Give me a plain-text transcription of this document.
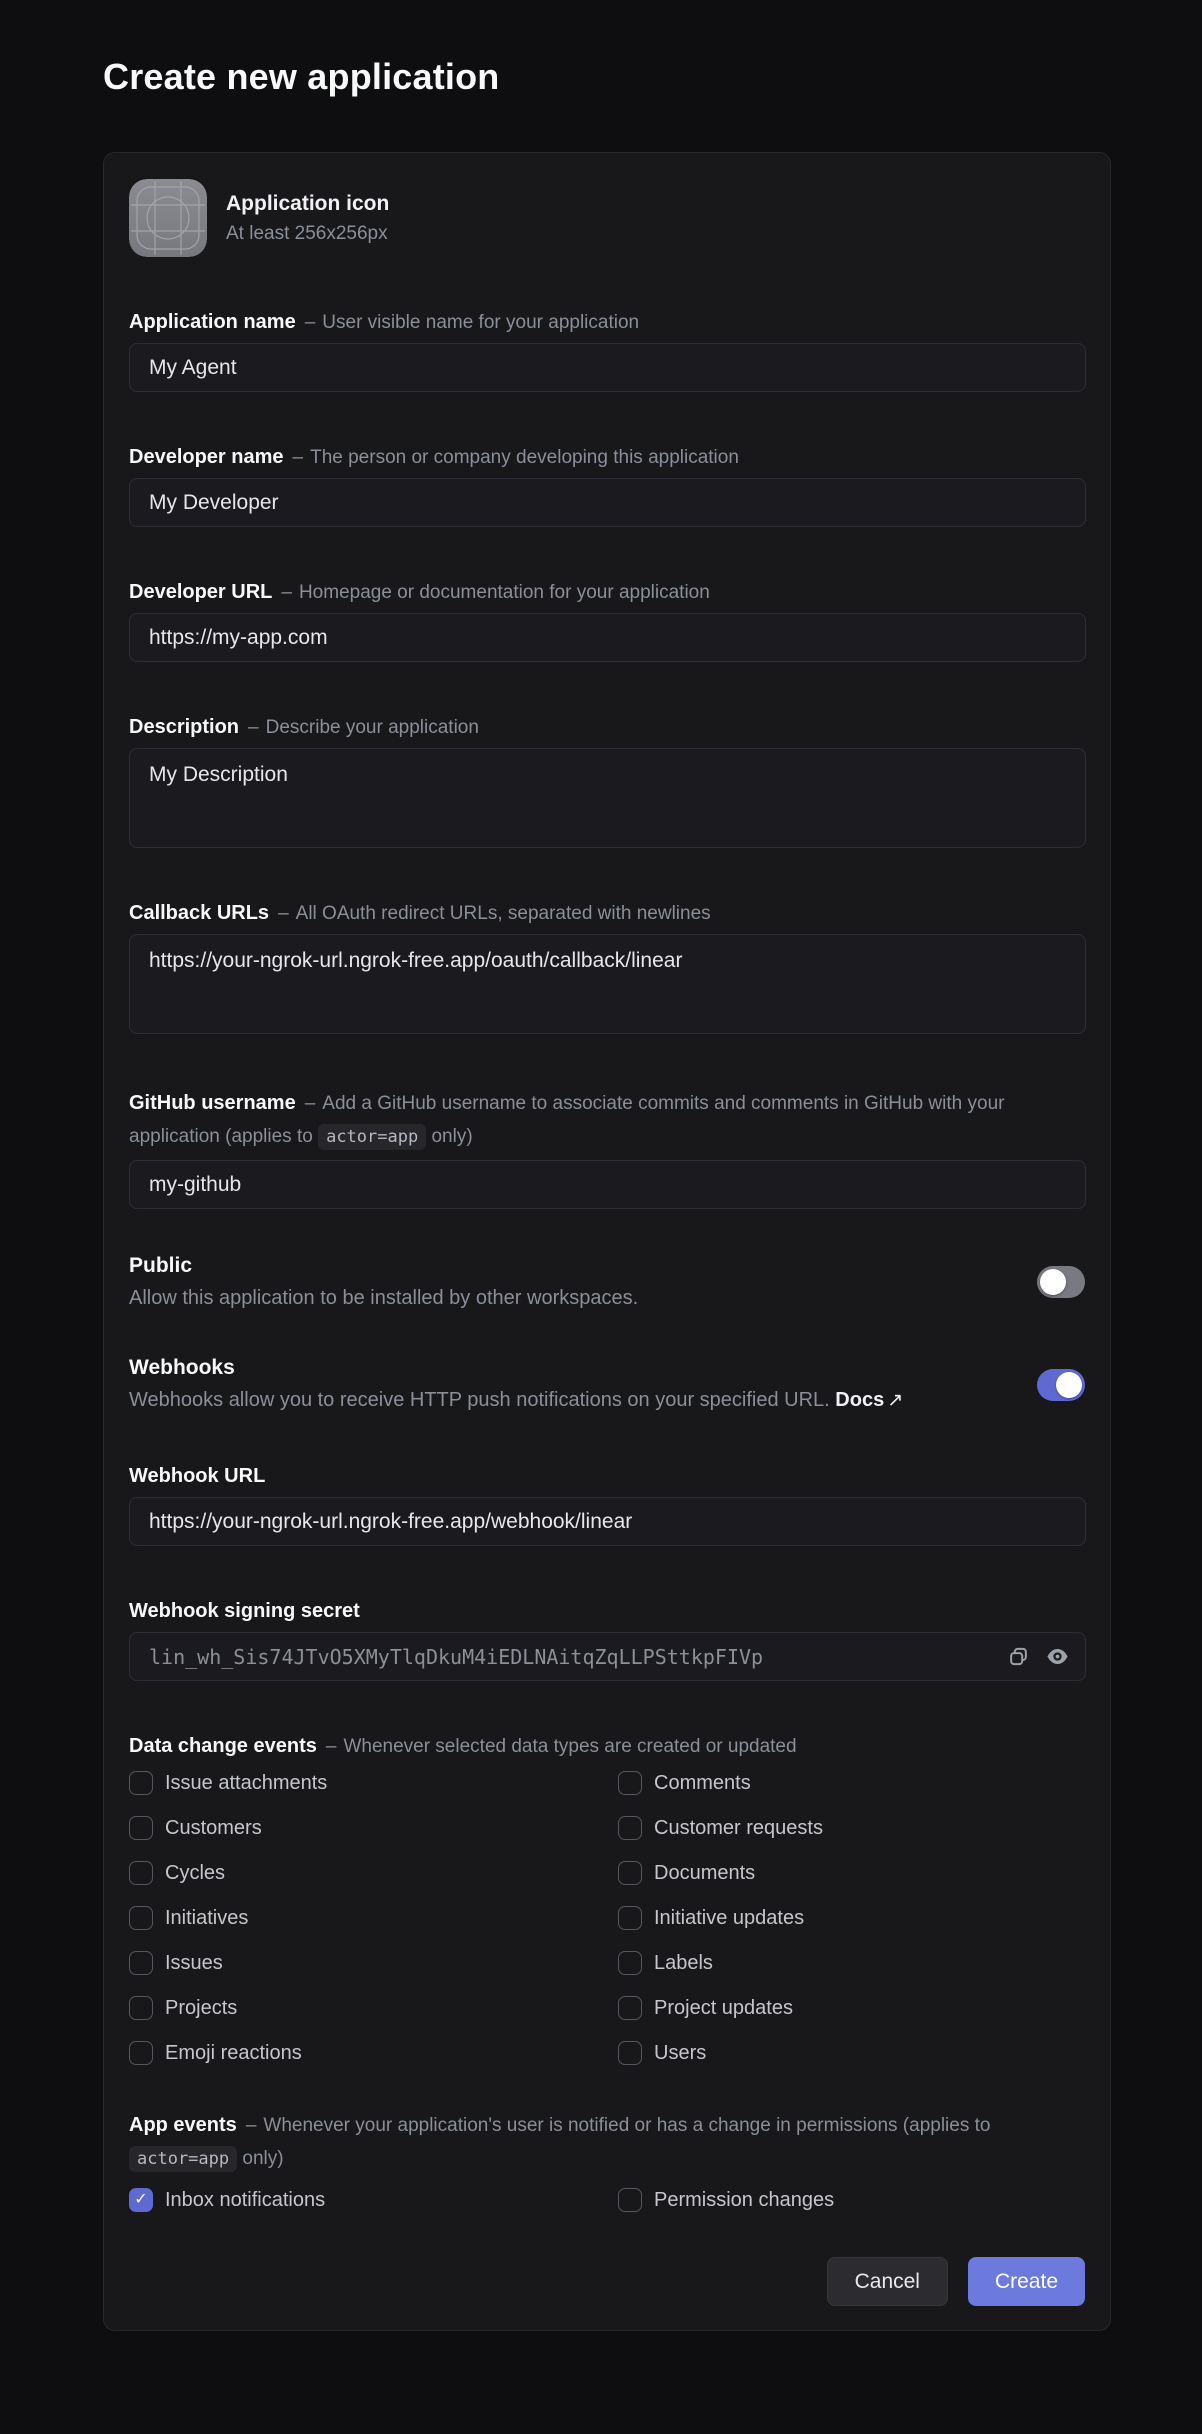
Create new application
Application icon
At least 256x256px
Application name – User visible name for your application
My Agent
Developer name – The person or company developing this application
My Developer
Developer URL – Homepage or documentation for your application
https://my-app.com
Description – Describe your application
My Description
Callback URLs – All OAuth redirect URLs, separated with newlines
https://your-ngrok-url.ngrok-free.app/oauth/callback/linear
GitHub username – Add a GitHub username to associate commits and comments in GitHub with your
application (applies to actor=app only)
my-github
Public
Allow this application to be installed by other workspaces.
Webhooks
Webhooks allow you to receive HTTP push notifications on your specified URL. Docs ↗
Webhook URL
https://your-ngrok-url.ngrok-free.app/webhook/linear
Webhook signing secret
lin_wh_Sis74JTvO5XMyTlqDkuM4iEDLNAitqZqLLPSttkpFIVp
Data change events – Whenever selected data types are created or updated
Issue attachments	Comments
Customers	Customer requests
Cycles	Documents
Initiatives	Initiative updates
Issues	Labels
Projects	Project updates
Emoji reactions	Users
App events – Whenever your application's user is notified or has a change in permissions (applies to
actor=app only)
✓ Inbox notifications	Permission changes
Cancel	Create
